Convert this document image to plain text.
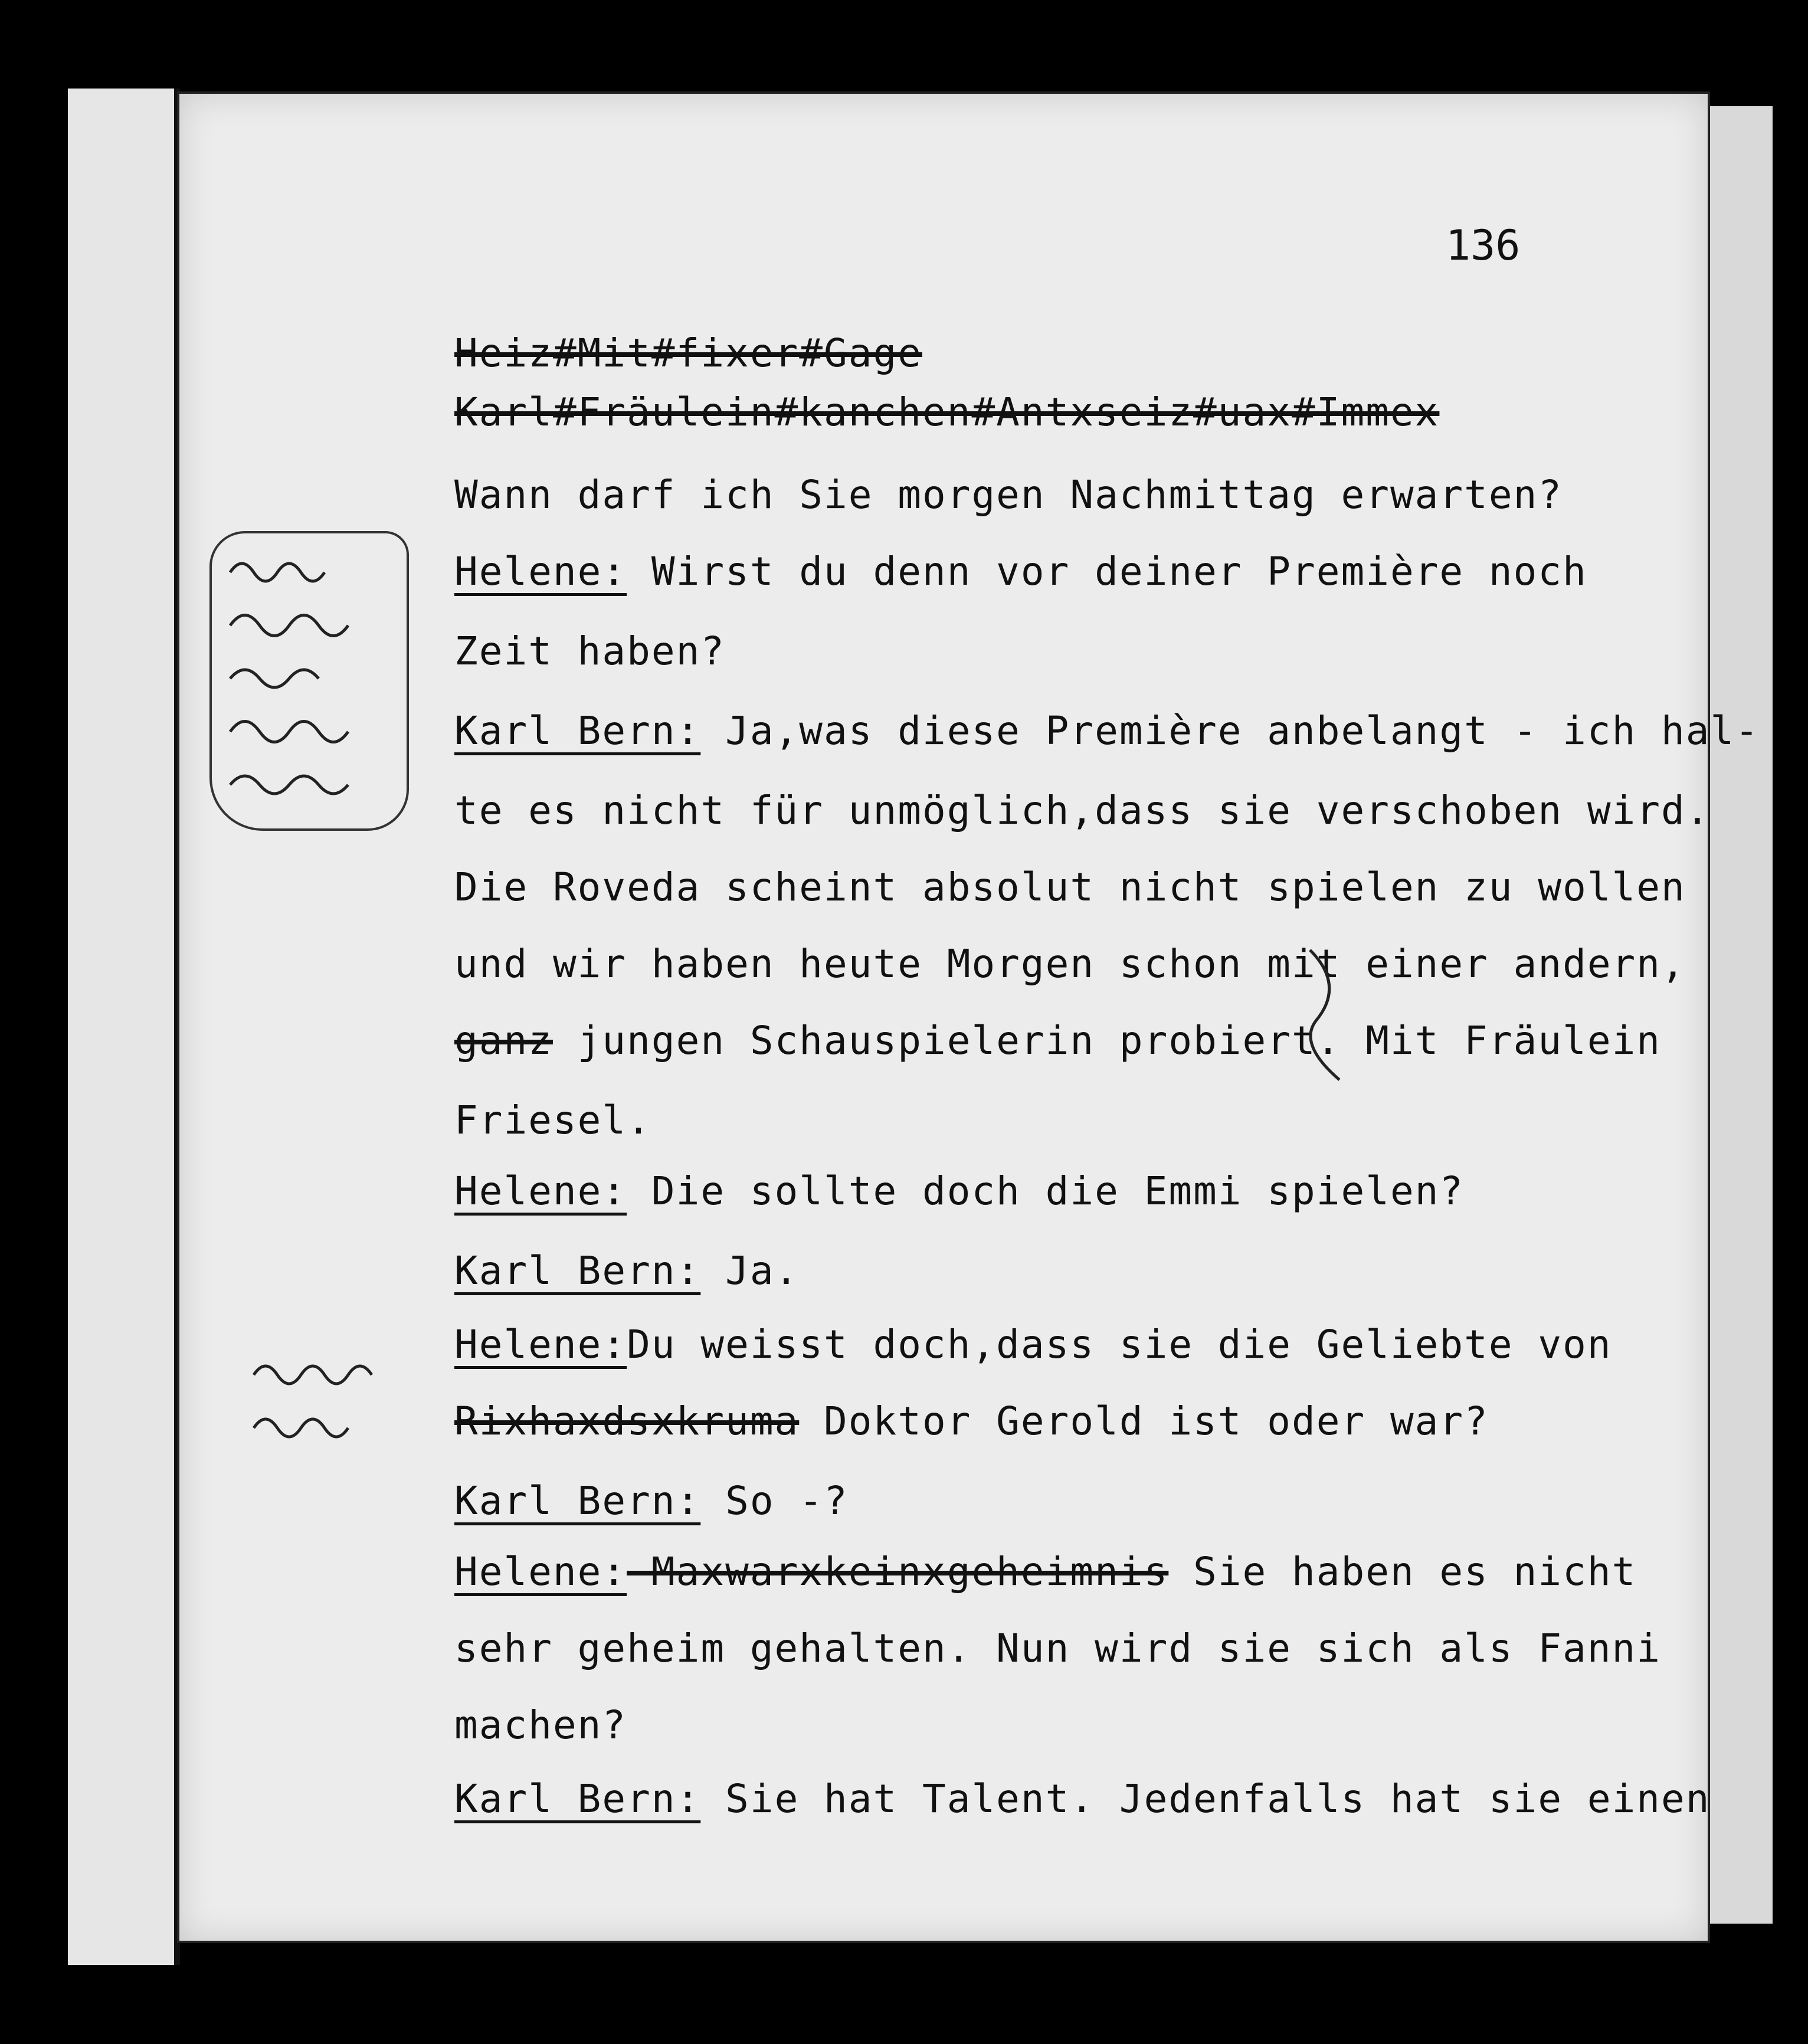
136
Heiz#Mit#fixer#Gage
Karl#Fräulein#kanchen#Antxseiz#uax#Immex
Wann darf ich Sie morgen Nachmittag erwarten?
Helene: Wirst du denn vor deiner Première noch
Zeit haben?
Karl Bern: Ja,was diese Première anbelangt - ich hal-
te es nicht für unmöglich,dass sie verschoben wird.
Die Roveda scheint absolut nicht spielen zu wollen
und wir haben heute Morgen schon mit einer andern,
ganz jungen Schauspielerin probiert. Mit Fräulein
Friesel.
Helene: Die sollte doch die Emmi spielen?
Karl Bern: Ja.
Helene:Du weisst doch,dass sie die Geliebte von
Rixhaxdsxkruma Doktor Gerold ist oder war?
Karl Bern: So -?
Helene: Maxwarxkeinxgeheimnis Sie haben es nicht
sehr geheim gehalten. Nun wird sie sich als Fanni
machen?
Karl Bern: Sie hat Talent. Jedenfalls hat sie einen
